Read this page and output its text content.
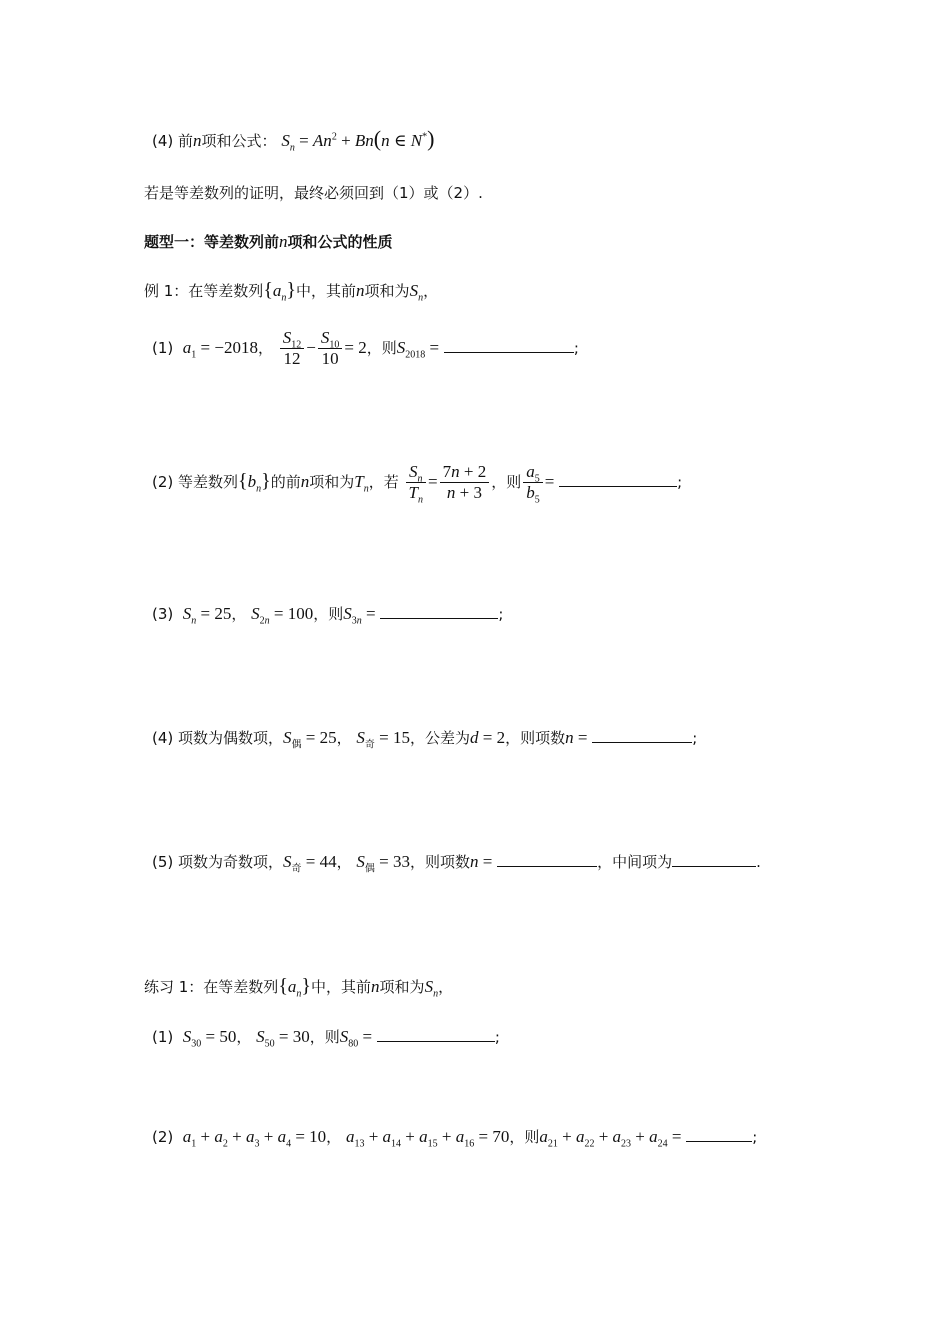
(4) 前n项和公式： $S_n = An^2 + Bn(n$ ∈ N*)
若是等差数列的证明，最终必须回到（1）或（2）.
题型一：等差数列前n项和公式的性质
例 1：在等差数列$\{a_n\}$中，其前n项和为$S_n$，
(1) $a_1 = -2018$， $\frac{S_{12}}{12} - \frac{S_{10}}{10} = 2$，则$S_{2018}$ =	;
(2) 等差数列$\{b_n\}$的前n项和为$T_n$，若 $\frac{S_n}{T_n} = \frac{7n + 2}{n + 3}$ ，则 $\frac{a_5}{b_5}$ =	;
(3) $S_n = 25$， $S_{2n} = 100$，则$S_{3n}$ =	;
(4) 项数为偶数项，$S_偶 = 25$， $S_奇 = 15$，公差为d = 2，则项数n =	;
(5) 项数为奇数项，$S_奇 = 44$， $S_偶 = 33$，则项数n =	，中间项为	.
练习 1：在等差数列$\{a_n\}$中，其前n项和为$S_n$，
(1) $S_{30} = 50$， $S_{50} = 30$，则$S_{80}$ =	;
(2) $a_1 + a_2 + a_3 + a_4 = 10$， $a_{13} + a_{14} + a_{15} + a_{16} = 70$，则$a_{21} + a_{22} + a_{23} + a_{24}$ =	;
